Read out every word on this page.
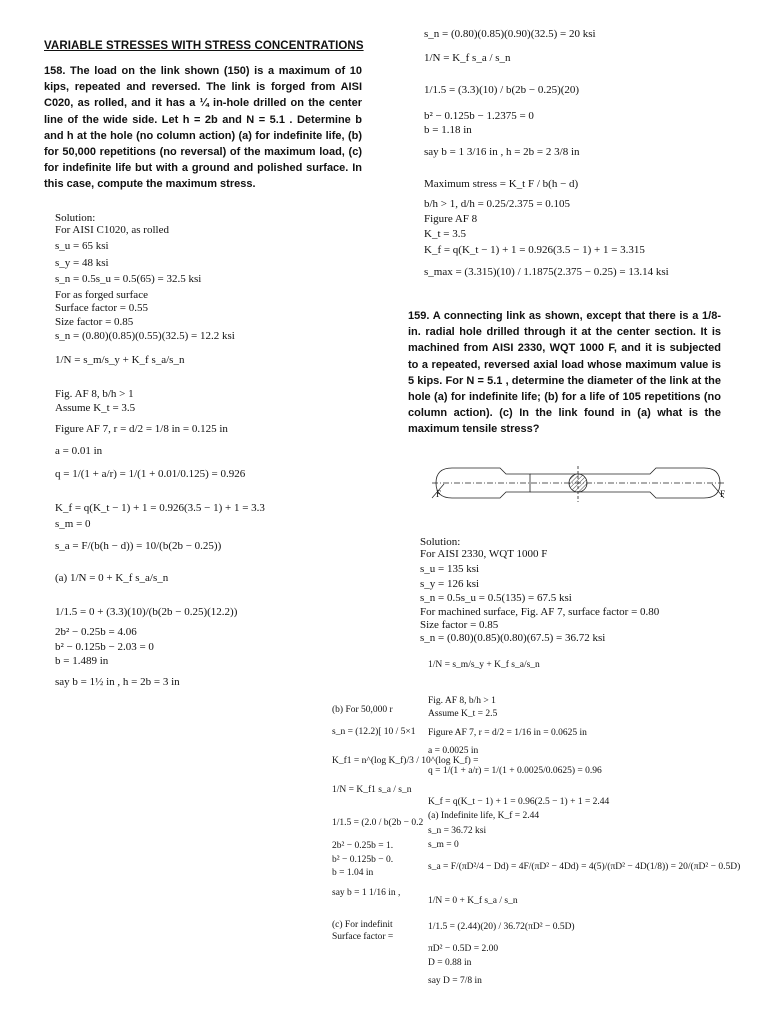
VARIABLE STRESSES WITH STRESS CONCENTRATIONS
158. The load on the link shown (150) is a maximum of 10 kips, repeated and reversed. The link is forged from AISI C020, as rolled, and it has a ¼ in-hole drilled on the center line of the wide side. Let h = 2b and N = 5.1 . Determine b and h at the hole (no column action) (a) for indefinite life, (b) for 50,000 repetitions (no reversal) of the maximum load, (c) for indefinite life but with a ground and polished surface. In this case, compute the maximum stress.
Solution:
For AISI C1020, as rolled
s_u = 65 ksi
s_y = 48 ksi
s_n = 0.5s_u = 0.5(65) = 32.5 ksi
For as forged surface
Surface factor = 0.55
Size factor = 0.85
s_n = (0.80)(0.85)(0.55)(32.5) = 12.2 ksi
1/N = s_m/s_y + K_f s_a/s_n
Fig. AF 8, b/h > 1
Assume K_t = 3.5
Figure AF 7, r = d/2 = 1/8 in = 0.125 in
a = 0.01 in
q = 1/(1 + a/r) = 1/(1 + 0.01/0.125) = 0.926
K_f = q(K_t − 1) + 1 = 0.926(3.5 − 1) + 1 = 3.3
s_m = 0
s_a = F/(b(h − d)) = 10/(b(2b − 0.25))
(a) 1/N = 0 + K_f s_a/s_n
1/1.5 = 0 + (3.3)(10)/(b(2b − 0.25)(12.2))
2b² − 0.25b = 4.06
b² − 0.125b − 2.03 = 0
b = 1.489 in
say b = 1½ in , h = 2b = 3 in
(b) For 50,000 r
s_n = (12.2)[ 10 / 5×1
K_f1 = n^(log K_f)/3 / 10^(log K_f) =
1/N = K_f1 s_a / s_n
1/1.5 = (2.0 / b(2b − 0.2
2b² − 0.25b = 1.
b² − 0.125b − 0.
b = 1.04 in
say b = 1 1/16 in ,
(c) For indefinit
Surface factor =
s_n = (0.80)(0.85)(0.90)(32.5) = 20 ksi
1/N = K_f s_a / s_n
1/1.5 = (3.3)(10) / b(2b − 0.25)(20)
b² − 0.125b − 1.2375 = 0
b = 1.18 in
say b = 1 3/16 in , h = 2b = 2 3/8 in
Maximum stress = K_t F / b(h − d)
b/h > 1, d/h = 0.25/2.375 = 0.105
Figure AF 8
K_t = 3.5
K_f = q(K_t − 1) + 1 = 0.926(3.5 − 1) + 1 = 3.315
s_max = (3.315)(10) / 1.1875(2.375 − 0.25) = 13.14 ksi
159. A connecting link as shown, except that there is a 1/8-in. radial hole drilled through it at the center section. It is machined from AISI 2330, WQT 1000 F, and it is subjected to a repeated, reversed axial load whose maximum value is 5 kips. For N = 5.1 , determine the diameter of the link at the hole (a) for indefinite life; (b) for a life of 105 repetitions (no column action). (c) In the link found in (a) what is the maximum tensile stress?
F	F
Solution:
For AISI 2330, WQT 1000 F
s_u = 135 ksi
s_y = 126 ksi
s_n = 0.5s_u = 0.5(135) = 67.5 ksi
For machined surface, Fig. AF 7, surface factor = 0.80
Size factor = 0.85
s_n = (0.80)(0.85)(0.80)(67.5) = 36.72 ksi
1/N = s_m/s_y + K_f s_a/s_n
Fig. AF 8, b/h > 1
Assume K_t = 2.5
Figure AF 7, r = d/2 = 1/16 in = 0.0625 in
a = 0.0025 in
q = 1/(1 + a/r) = 1/(1 + 0.0025/0.0625) = 0.96
K_f = q(K_t − 1) + 1 = 0.96(2.5 − 1) + 1 = 2.44
(a) Indefinite life, K_f = 2.44
s_n = 36.72 ksi
s_m = 0
s_a = F/(πD²/4 − Dd) = 4F/(πD² − 4Dd) = 4(5)/(πD² − 4D(1/8)) = 20/(πD² − 0.5D)
1/N = 0 + K_f s_a / s_n
1/1.5 = (2.44)(20) / 36.72(πD² − 0.5D)
πD² − 0.5D = 2.00
D = 0.88 in
say D = 7/8 in
